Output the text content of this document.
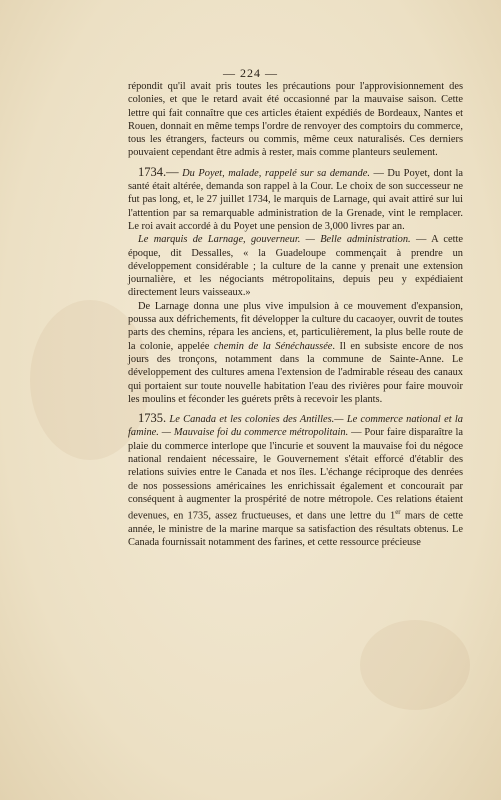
— 224 —

répondit qu'il avait pris toutes les précautions pour l'approvisionnement des colonies, et que le retard avait été occasionné par la mauvaise saison. Cette lettre qui fait connaître que ces articles étaient expédiés de Bordeaux, Nantes et Rouen, donnait en même temps l'ordre de renvoyer des comptoirs du commerce, tous les étrangers, facteurs ou commis, même ceux naturalisés. Ces derniers pouvaient cependant être admis à rester, mais comme planteurs seulement.

1734.— Du Poyet, malade, rappelé sur sa demande. — Du Poyet, dont la santé était altérée, demanda son rappel à la Cour. Le choix de son successeur ne fut pas long, et, le 27 juillet 1734, le marquis de Larnage, qui avait attiré sur lui l'attention par sa remarquable administration de la Grenade, vint le remplacer. Le roi avait accordé à du Poyet une pension de 3,000 livres par an.

Le marquis de Larnage, gouverneur. — Belle administration. — A cette époque, dit Dessalles, « la Guadeloupe commençait à prendre un développement considérable ; la culture de la canne y prenait une extension journalière, et les négociants métropolitains, depuis peu y expédiaient directement leurs vaisseaux.»

De Larnage donna une plus vive impulsion à ce mouvement d'expansion, poussa aux défrichements, fit développer la culture du cacaoyer, ouvrit de toutes parts des chemins, répara les anciens, et, particulièrement, la plus belle route de la colonie, appelée chemin de la Sénéchaussée. Il en subsiste encore de nos jours des tronçons, notamment dans la commune de Sainte-Anne. Le développement des cultures amena l'extension de l'admirable réseau des canaux qui portaient sur toute nouvelle habitation l'eau des rivières pour faire mouvoir les moulins et féconder les guérets prêts à recevoir les plants.

1735. Le Canada et les colonies des Antilles.— Le commerce national et la famine. — Mauvaise foi du commerce métropolitain. — Pour faire disparaître la plaie du commerce interlope que l'incurie et souvent la mauvaise foi du négoce national rendaient nécessaire, le Gouvernement s'était efforcé d'établir des relations suivies entre le Canada et nos îles. L'échange réciproque des denrées de nos possessions américaines les enrichissait également et concourait par conséquent à augmenter la prospérité de notre métropole. Ces relations étaient devenues, en 1735, assez fructueuses, et dans une lettre du 1er mars de cette année, le ministre de la marine marque sa satisfaction des résultats obtenus. Le Canada fournissait notamment des farines, et cette ressource précieuse
